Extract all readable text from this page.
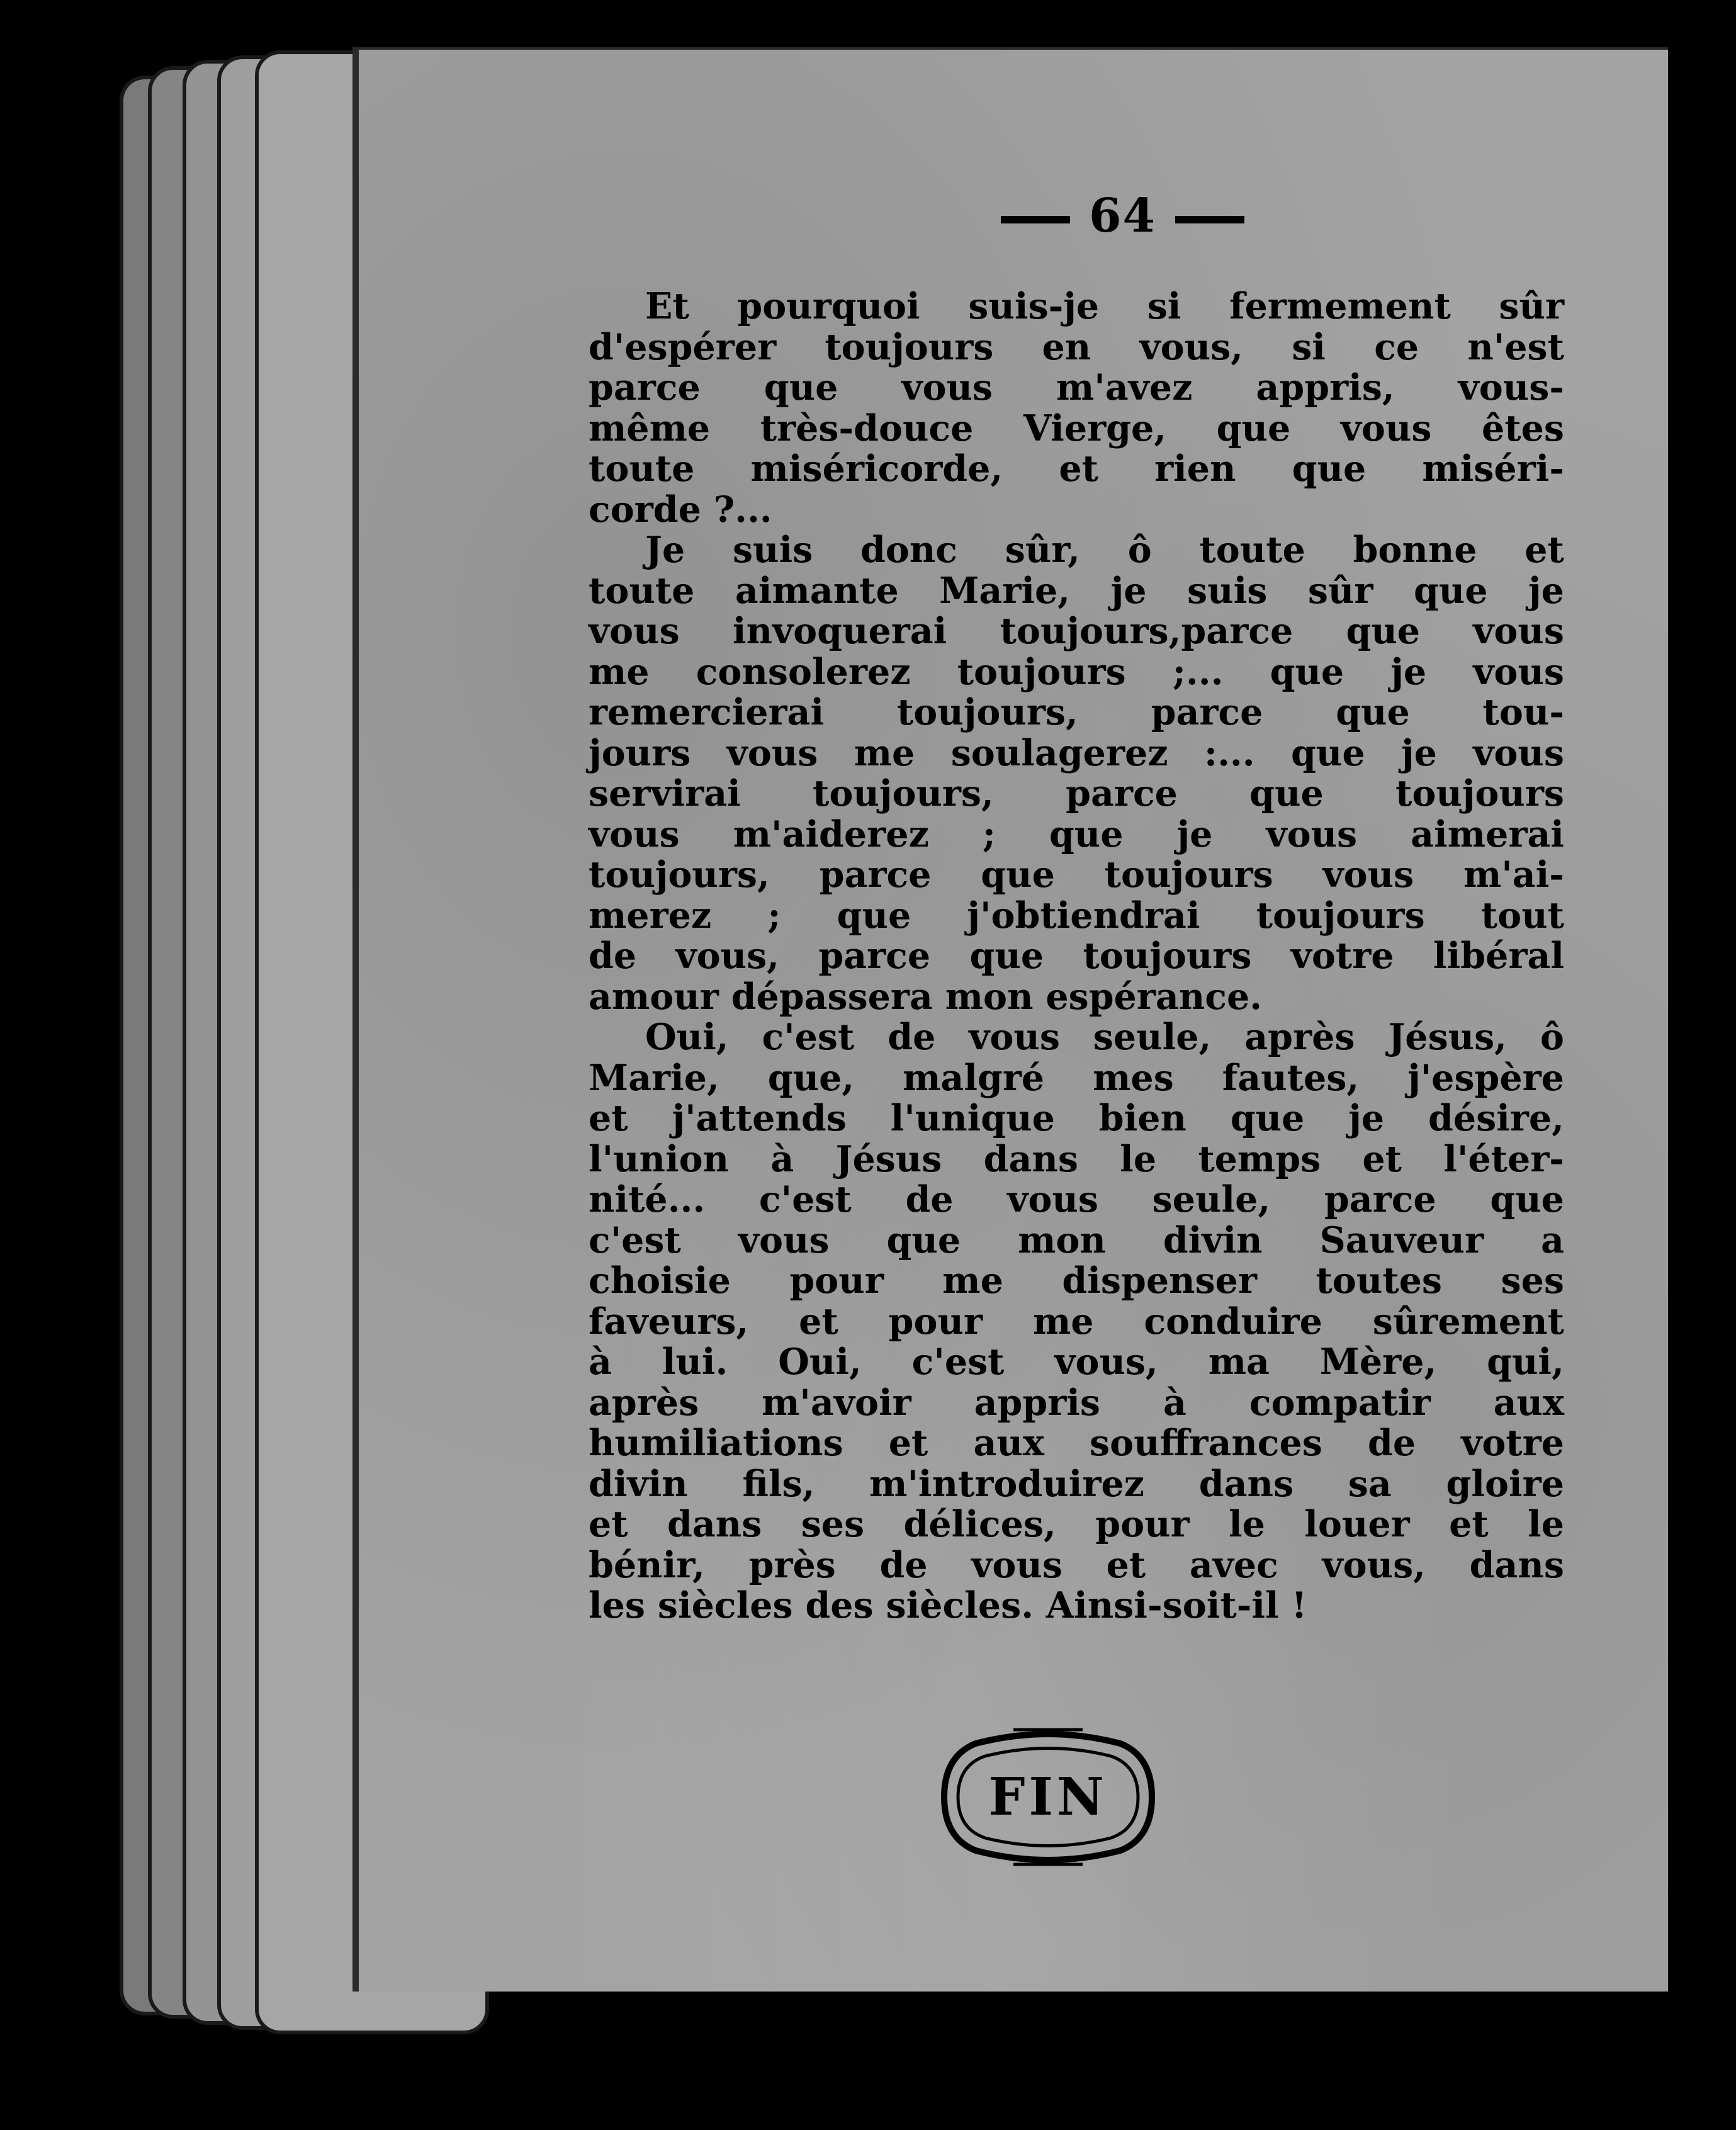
64
Et pourquoi suis-je si fermement sûr
d'espérer toujours en vous, si ce n'est
parce que vous m'avez appris, vous-
même très-douce Vierge, que vous êtes
toute miséricorde, et rien que miséri-
corde ?...
Je suis donc sûr, ô toute bonne et
toute aimante Marie, je suis sûr que je
vous invoquerai toujours,parce que vous
me consolerez toujours ;... que je vous
remercierai toujours, parce que tou-
jours vous me soulagerez :... que je vous
servirai toujours, parce que toujours
vous m'aiderez ; que je vous aimerai
toujours, parce que toujours vous m'ai-
merez ; que j'obtiendrai toujours tout
de vous, parce que toujours votre libéral
amour dépassera mon espérance.
Oui, c'est de vous seule, après Jésus, ô
Marie, que, malgré mes fautes, j'espère
et j'attends l'unique bien que je désire,
l'union à Jésus dans le temps et l'éter-
nité... c'est de vous seule, parce que
c'est vous que mon divin Sauveur a
choisie pour me dispenser toutes ses
faveurs, et pour me conduire sûrement
à lui. Oui, c'est vous, ma Mère, qui,
après m'avoir appris à compatir aux
humiliations et aux souffrances de votre
divin fils, m'introduirez dans sa gloire
et dans ses délices, pour le louer et le
bénir, près de vous et avec vous, dans
les siècles des siècles. Ainsi-soit-il !
FIN
